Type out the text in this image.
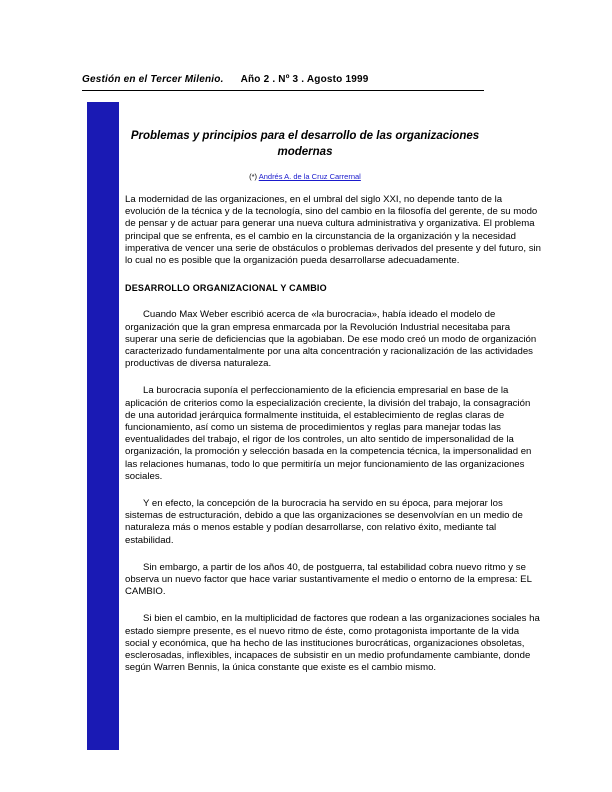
Gestión en el Tercer Milenio. Año 2 . Nº 3 . Agosto 1999
Problemas y principios para el desarrollo de las organizaciones modernas
(*) Andrés A. de la Cruz Carrernal

La modernidad de las organizaciones, en el umbral del siglo XXI, no depende tanto de la evolución de la técnica y de la tecnología, sino del cambio en la filosofía del gerente, de su modo de pensar y de actuar para generar una nueva cultura administrativa y organizativa. El problema principal que se enfrenta, es el cambio en la circunstancia de la organización y la necesidad imperativa de vencer una serie de obstáculos o problemas derivados del presente y del futuro, sin lo cual no es posible que la organización pueda desarrollarse adecuadamente.

DESARROLLO ORGANIZACIONAL Y CAMBIO

Cuando Max Weber escribió acerca de «la burocracia», había ideado el modelo de organización que la gran empresa enmarcada por la Revolución Industrial necesitaba para superar una serie de deficiencias que la agobiaban. De ese modo creó un modo de organización caracterizado fundamentalmente por una alta concentración y racionalización de las actividades productivas de diversa naturaleza.

La burocracia suponía el perfeccionamiento de la eficiencia empresarial en base de la aplicación de criterios como la especialización creciente, la división del trabajo, la consagración de una autoridad jerárquica formalmente instituida, el establecimiento de reglas claras de funcionamiento, así como un sistema de procedimientos y reglas para manejar todas las eventualidades del trabajo, el rigor de los controles, un alto sentido de impersonalidad de la organización, la promoción y selección basada en la competencia técnica, la impersonalidad en las relaciones humanas, todo lo que permitiría un mejor funcionamiento de las organizaciones sociales.

Y en efecto, la concepción de la burocracia ha servido en su época, para mejorar los sistemas de estructuración, debido a que las organizaciones se desenvolvían en un medio de naturaleza más o menos estable y podían desarrollarse, con relativo éxito, mediante tal estabilidad.

Sin embargo, a partir de los años 40, de postguerra, tal estabilidad cobra nuevo ritmo y se observa un nuevo factor que hace variar sustantivamente el medio o entorno de la empresa: EL CAMBIO.

Si bien el cambio, en la multiplicidad de factores que rodean a las organizaciones sociales ha estado siempre presente, es el nuevo ritmo de éste, como protagonista importante de la vida social y económica, que ha hecho de las instituciones burocráticas, organizaciones obsoletas, esclerosadas, inflexibles, incapaces de subsistir en un medio profundamente cambiante, donde según Warren Bennis, la única constante que existe es el cambio mismo.
